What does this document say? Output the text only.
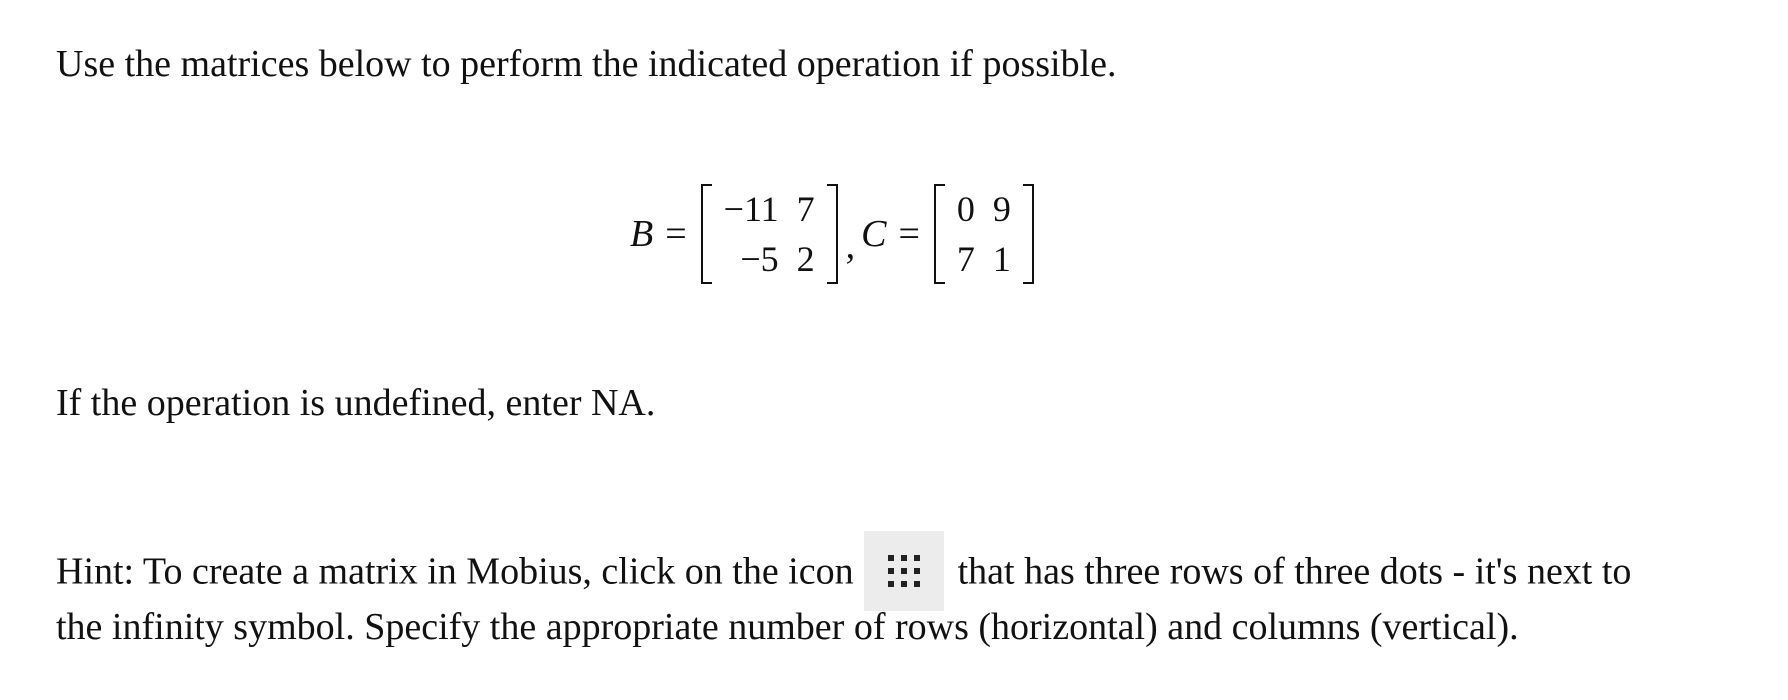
Use the matrices below to perform the indicated operation if possible.
B =
−11	7
−5	2 , C =
0	9
7	1
If the operation is undefined, enter NA.
Hint: To create a matrix in Mobius, click on the icon	that has three rows of three dots - it's next to
the infinity symbol. Specify the appropriate number of rows (horizontal) and columns (vertical).
